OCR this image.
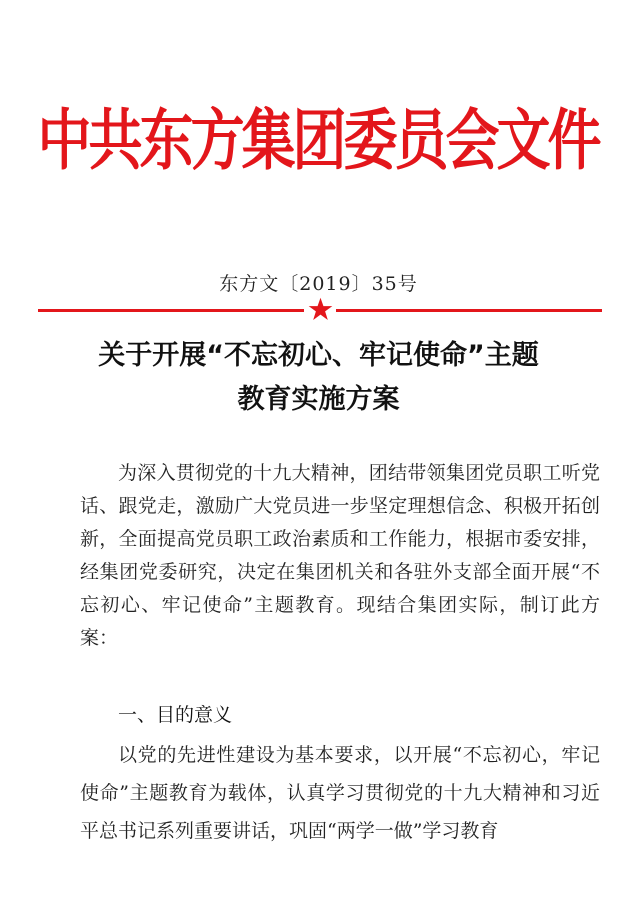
中共东方集团委员会文件
东方文〔2019〕35号
关于开展“不忘初心、牢记使命”主题
教育实施方案

为深入贯彻党的十九大精神，团结带领集团党员职工听党话、跟党走，激励广大党员进一步坚定理想信念、积极开拓创新，全面提高党员职工政治素质和工作能力，根据市委安排，经集团党委研究，决定在集团机关和各驻外支部全面开展“不忘初心、牢记使命”主题教育。现结合集团实际，制订此方案：

一、目的意义

以党的先进性建设为基本要求，以开展“不忘初心，牢记使命”主题教育为载体，认真学习贯彻党的十九大精神和习近平总书记系列重要讲话，巩固“两学一做”学习教育
